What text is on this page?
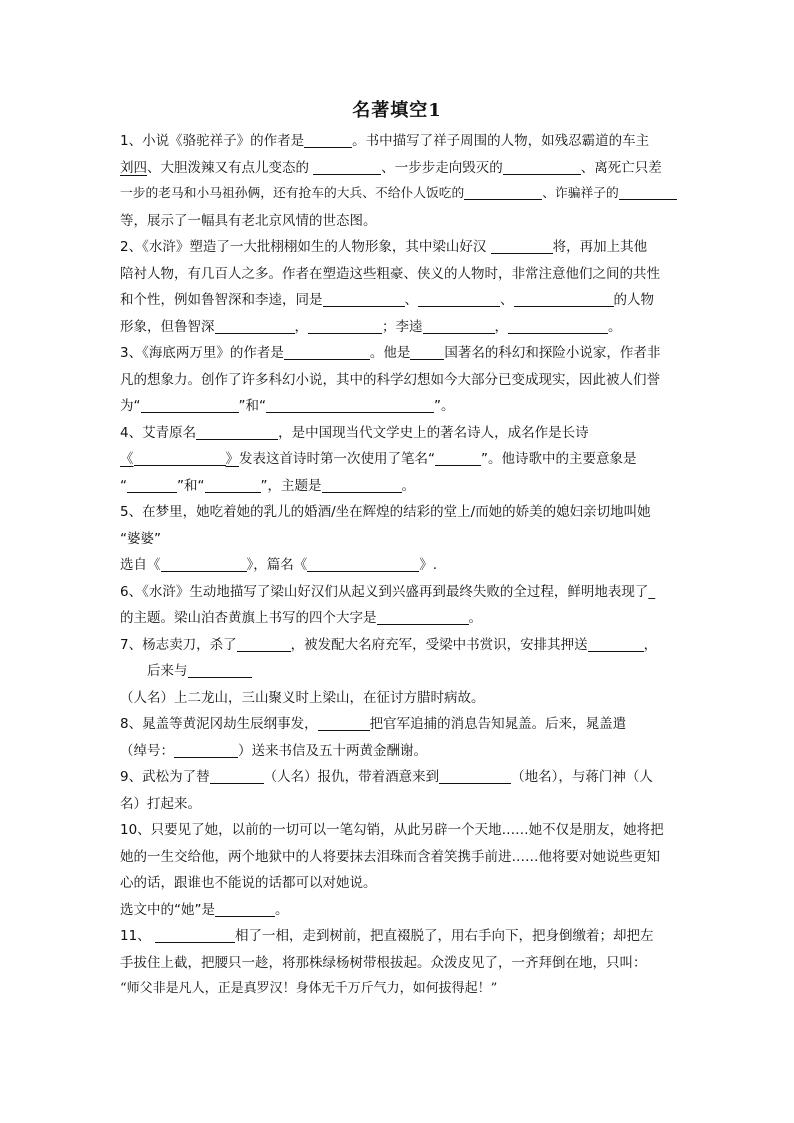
名著填空1
1、小说《骆驼祥子》的作者是	。书中描写了祥子周围的人物，如残忍霸道的车主
刘四、大胆泼辣又有点儿变态的	、一步步走向毁灭的	、离死亡只差
一步的老马和小马祖孙俩，还有抢车的大兵、不给仆人饭吃的	、诈骗祥子的
等，展示了一幅具有老北京风情的世态图。
2、《水浒》塑造了一大批栩栩如生的人物形象，其中梁山好汉	将，再加上其他
陪衬人物，有几百人之多。作者在塑造这些粗豪、侠义的人物时，非常注意他们之间的共性
和个性，例如鲁智深和李逵，同是	、	、	的人物
形象，但鲁智深	，	；李逵	，	。
3、《海底两万里》的作者是	。他是	国著名的科幻和探险小说家，作者非
凡的想象力。创作了许多科幻小说，其中的科学幻想如今大部分已变成现实，因此被人们誉
为“	”和“	”。
4、艾青原名	，是中国现当代文学史上的著名诗人，成名作是长诗
《	》发表这首诗时第一次使用了笔名“	”。他诗歌中的主要意象是
“	”和“	”，主题是	。
5、在梦里，她吃着她的乳儿的婚酒/坐在辉煌的结彩的堂上/而她的娇美的媳妇亲切地叫她
“婆婆”
选自《	》，篇名《	》.
6、《水浒》生动地描写了梁山好汉们从起义到兴盛再到最终失败的全过程，鲜明地表现了_
的主题。梁山泊杏黄旗上书写的四个大字是	。
7、杨志卖刀，杀了	，被发配大名府充军，受梁中书赏识，安排其押送	，
后来与
（人名）上二龙山，三山聚义时上梁山，在征讨方腊时病故。
8、晁盖等黄泥冈劫生辰纲事发，	把官军追捕的消息告知晁盖。后来，晁盖遣
（绰号：	）送来书信及五十两黄金酬谢。
9、武松为了替	（人名）报仇，带着酒意来到	（地名），与蒋门神（人
名）打起来。
10、只要见了她，以前的一切可以一笔勾销，从此另辟一个天地……她不仅是朋友，她将把
她的一生交给他，两个地狱中的人将要抹去泪珠而含着笑携手前进……他将要对她说些更知
心的话，跟谁也不能说的话都可以对她说。
选文中的“她”是	。
11、	相了一相，走到树前，把直裰脱了，用右手向下，把身倒缴着；却把左
手拔住上截，把腰只一趁，将那株绿杨树带根拔起。众泼皮见了，一齐拜倒在地，只叫：
“师父非是凡人，正是真罗汉！身体无千万斤气力，如何拔得起！”
